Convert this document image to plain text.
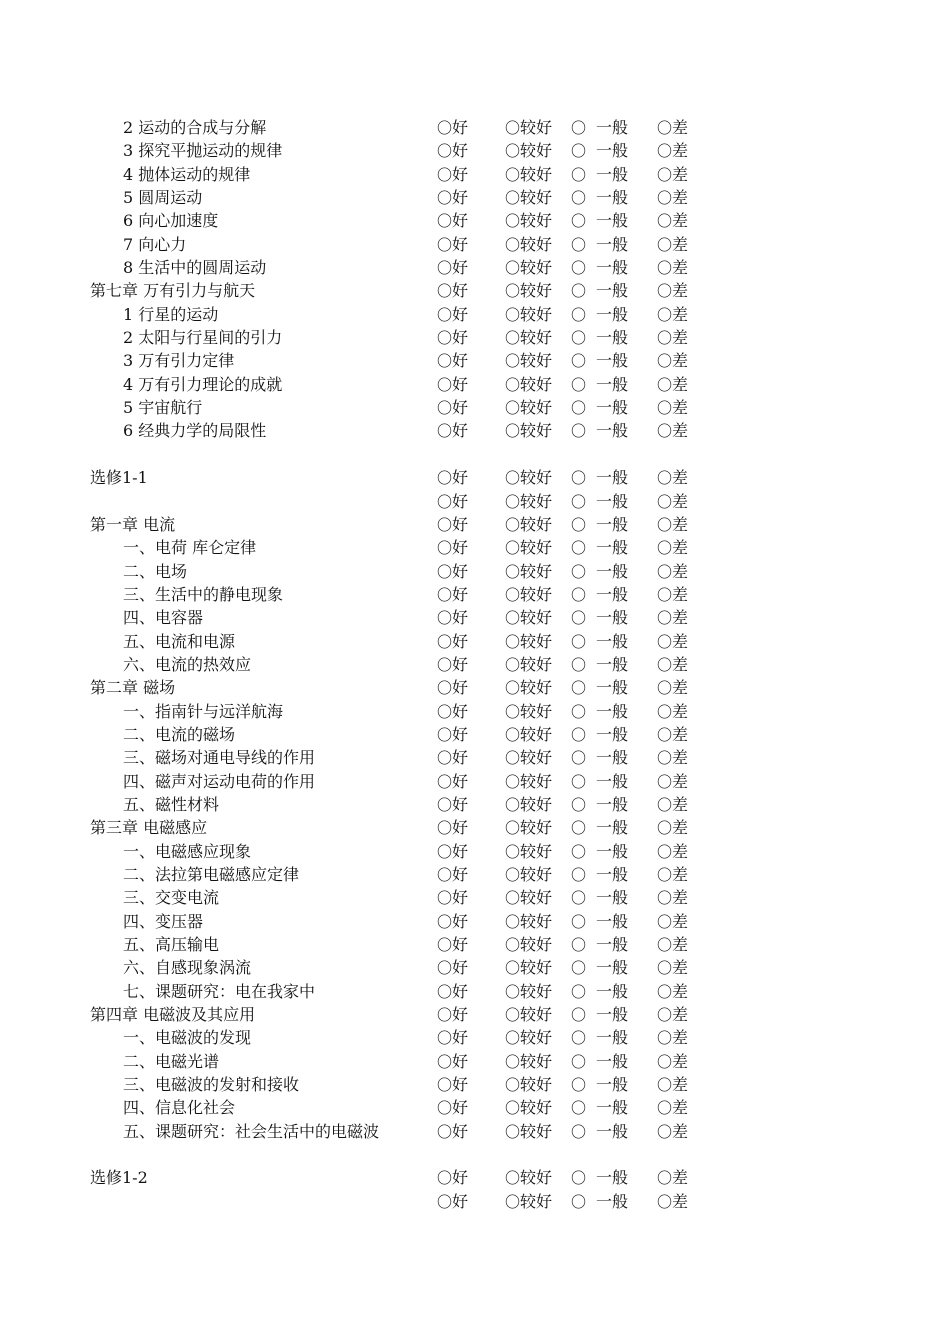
2 运动的合成与分解	〇好 〇较好 〇 一般 〇差
3 探究平抛运动的规律	〇好 〇较好 〇 一般 〇差
4 抛体运动的规律	〇好 〇较好 〇 一般 〇差
5 圆周运动	〇好 〇较好 〇 一般 〇差
6 向心加速度	〇好 〇较好 〇 一般 〇差
7 向心力	〇好 〇较好 〇 一般 〇差
8 生活中的圆周运动	〇好 〇较好 〇 一般 〇差
第七章 万有引力与航天	〇好 〇较好 〇 一般 〇差
1 行星的运动	〇好 〇较好 〇 一般 〇差
2 太阳与行星间的引力	〇好 〇较好 〇 一般 〇差
3 万有引力定律	〇好 〇较好 〇 一般 〇差
4 万有引力理论的成就	〇好 〇较好 〇 一般 〇差
5 宇宙航行	〇好 〇较好 〇 一般 〇差
6 经典力学的局限性	〇好 〇较好 〇 一般 〇差
选修1-1	〇好 〇较好 〇 一般 〇差
〇好 〇较好 〇 一般 〇差
第一章 电流	〇好 〇较好 〇 一般 〇差
一、电荷 库仑定律	〇好 〇较好 〇 一般 〇差
二、电场	〇好 〇较好 〇 一般 〇差
三、生活中的静电现象	〇好 〇较好 〇 一般 〇差
四、电容器	〇好 〇较好 〇 一般 〇差
五、电流和电源	〇好 〇较好 〇 一般 〇差
六、电流的热效应	〇好 〇较好 〇 一般 〇差
第二章 磁场	〇好 〇较好 〇 一般 〇差
一、指南针与远洋航海	〇好 〇较好 〇 一般 〇差
二、电流的磁场	〇好 〇较好 〇 一般 〇差
三、磁场对通电导线的作用	〇好 〇较好 〇 一般 〇差
四、磁声对运动电荷的作用	〇好 〇较好 〇 一般 〇差
五、磁性材料	〇好 〇较好 〇 一般 〇差
第三章 电磁感应	〇好 〇较好 〇 一般 〇差
一、电磁感应现象	〇好 〇较好 〇 一般 〇差
二、法拉第电磁感应定律	〇好 〇较好 〇 一般 〇差
三、交变电流	〇好 〇较好 〇 一般 〇差
四、变压器	〇好 〇较好 〇 一般 〇差
五、高压输电	〇好 〇较好 〇 一般 〇差
六、自感现象涡流	〇好 〇较好 〇 一般 〇差
七、课题研究：电在我家中	〇好 〇较好 〇 一般 〇差
第四章 电磁波及其应用	〇好 〇较好 〇 一般 〇差
一、电磁波的发现	〇好 〇较好 〇 一般 〇差
二、电磁光谱	〇好 〇较好 〇 一般 〇差
三、电磁波的发射和接收	〇好 〇较好 〇 一般 〇差
四、信息化社会	〇好 〇较好 〇 一般 〇差
五、课题研究：社会生活中的电磁波	〇好 〇较好 〇 一般 〇差
选修1-2	〇好 〇较好 〇 一般 〇差
〇好 〇较好 〇 一般 〇差
